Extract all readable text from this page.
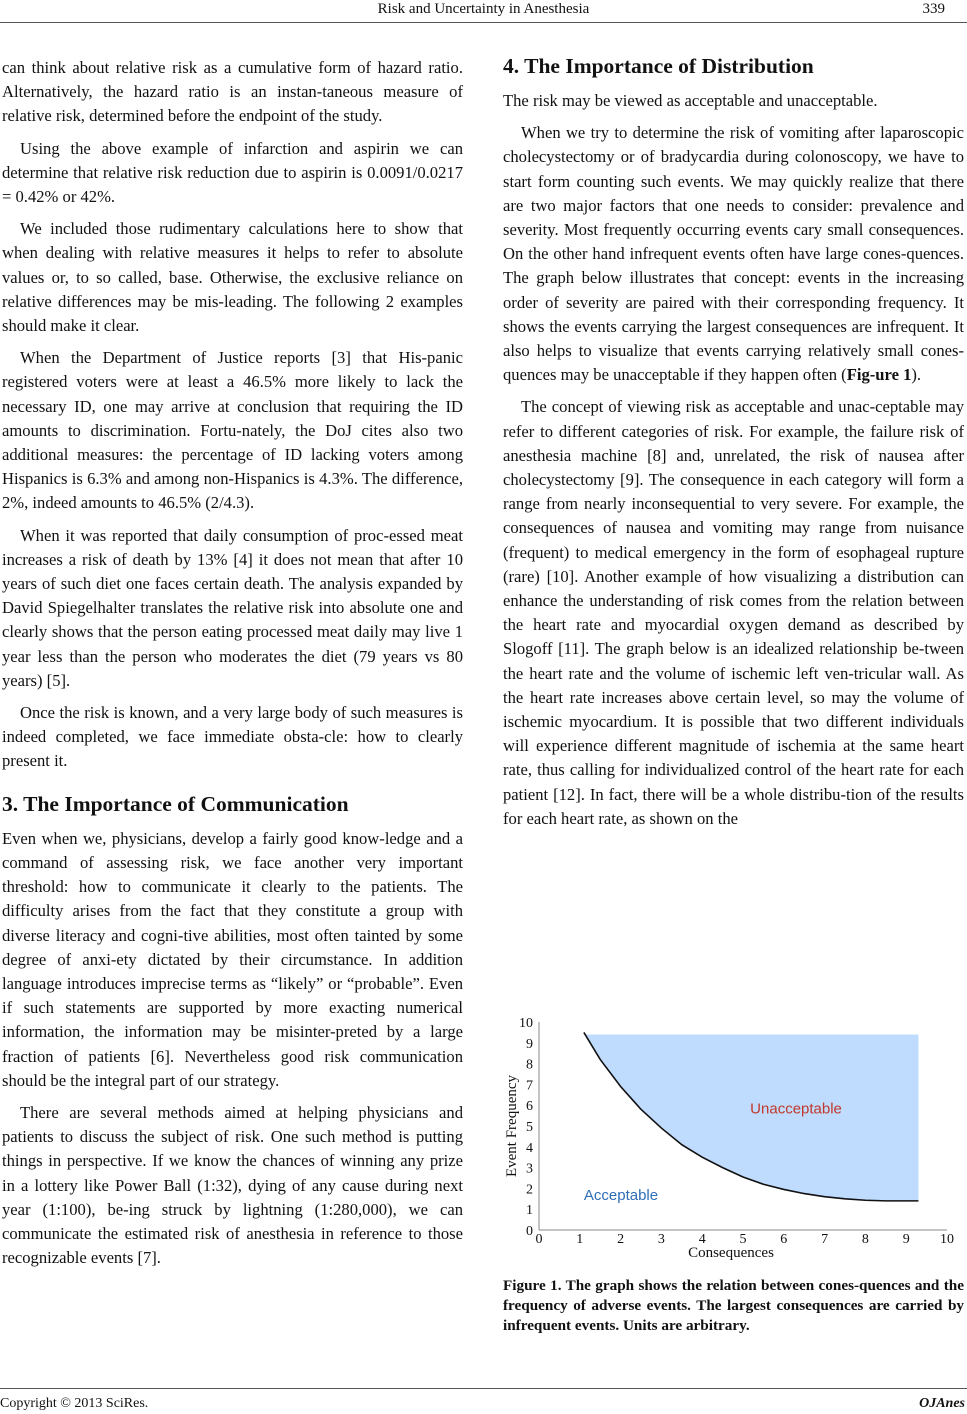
Risk and Uncertainty in Anesthesia	339

can think about relative risk as a cumulative form of hazard ratio. Alternatively, the hazard ratio is an instan-taneous measure of relative risk, determined before the endpoint of the study.

Using the above example of infarction and aspirin we can determine that relative risk reduction due to aspirin is 0.0091/0.0217 = 0.42% or 42%.

We included those rudimentary calculations here to show that when dealing with relative measures it helps to refer to absolute values or, to so called, base. Otherwise, the exclusive reliance on relative differences may be mis-leading. The following 2 examples should make it clear.

When the Department of Justice reports [3] that His-panic registered voters were at least a 46.5% more likely to lack the necessary ID, one may arrive at conclusion that requiring the ID amounts to discrimination. Fortu-nately, the DoJ cites also two additional measures: the percentage of ID lacking voters among Hispanics is 6.3% and among non-Hispanics is 4.3%. The difference, 2%, indeed amounts to 46.5% (2/4.3).

When it was reported that daily consumption of proc-essed meat increases a risk of death by 13% [4] it does not mean that after 10 years of such diet one faces certain death. The analysis expanded by David Spiegelhalter translates the relative risk into absolute one and clearly shows that the person eating processed meat daily may live 1 year less than the person who moderates the diet (79 years vs 80 years) [5].

Once the risk is known, and a very large body of such measures is indeed completed, we face immediate obsta-cle: how to clearly present it.

3. The Importance of Communication

Even when we, physicians, develop a fairly good know-ledge and a command of assessing risk, we face another very important threshold: how to communicate it clearly to the patients. The difficulty arises from the fact that they constitute a group with diverse literacy and cogni-tive abilities, most often tainted by some degree of anxi-ety dictated by their circumstance. In addition language introduces imprecise terms as “likely” or “probable”. Even if such statements are supported by more exacting numerical information, the information may be misinter-preted by a large fraction of patients [6]. Nevertheless good risk communication should be the integral part of our strategy.

There are several methods aimed at helping physicians and patients to discuss the subject of risk. One such method is putting things in perspective. If we know the chances of winning any prize in a lottery like Power Ball (1:32), dying of any cause during next year (1:100), be-ing struck by lightning (1:280,000), we can communicate the estimated risk of anesthesia in reference to those recognizable events [7].

4. The Importance of Distribution

The risk may be viewed as acceptable and unacceptable.

When we try to determine the risk of vomiting after laparoscopic cholecystectomy or of bradycardia during colonoscopy, we have to start form counting such events. We may quickly realize that there are two major factors that one needs to consider: prevalence and severity. Most frequently occurring events cary small consequences. On the other hand infrequent events often have large cones-quences. The graph below illustrates that concept: events in the increasing order of severity are paired with their corresponding frequency. It shows the events carrying the largest consequences are infrequent. It also helps to visualize that events carrying relatively small cones-quences may be unacceptable if they happen often (Fig-ure 1).

The concept of viewing risk as acceptable and unac-ceptable may refer to different categories of risk. For example, the failure risk of anesthesia machine [8] and, unrelated, the risk of nausea after cholecystectomy [9]. The consequence in each category will form a range from nearly inconsequential to very severe. For example, the consequences of nausea and vomiting may range from nuisance (frequent) to medical emergency in the form of esophageal rupture (rare) [10]. Another example of how visualizing a distribution can enhance the understanding of risk comes from the relation between the heart rate and myocardial oxygen demand as described by Slogoff [11]. The graph below is an idealized relationship be-tween the heart rate and the volume of ischemic left ven-tricular wall. As the heart rate increases above certain level, so may the volume of ischemic myocardium. It is possible that two different individuals will experience different magnitude of ischemia at the same heart rate, thus calling for individualized control of the heart rate for each patient [12]. In fact, there will be a whole distribu-tion of the results for each heart rate, as shown on the

0 1 2 3 4 5 6 7 8 9 10
0
1
2
3
4
5
6
7
8
9
10
Consequences
Event Frequency	Unacceptable
Acceptable
Figure 1. The graph shows the relation between cones-quences and the frequency of adverse events. The largest consequences are carried by infrequent events. Units are arbitrary.
Copyright © 2013 SciRes.	OJAnes
